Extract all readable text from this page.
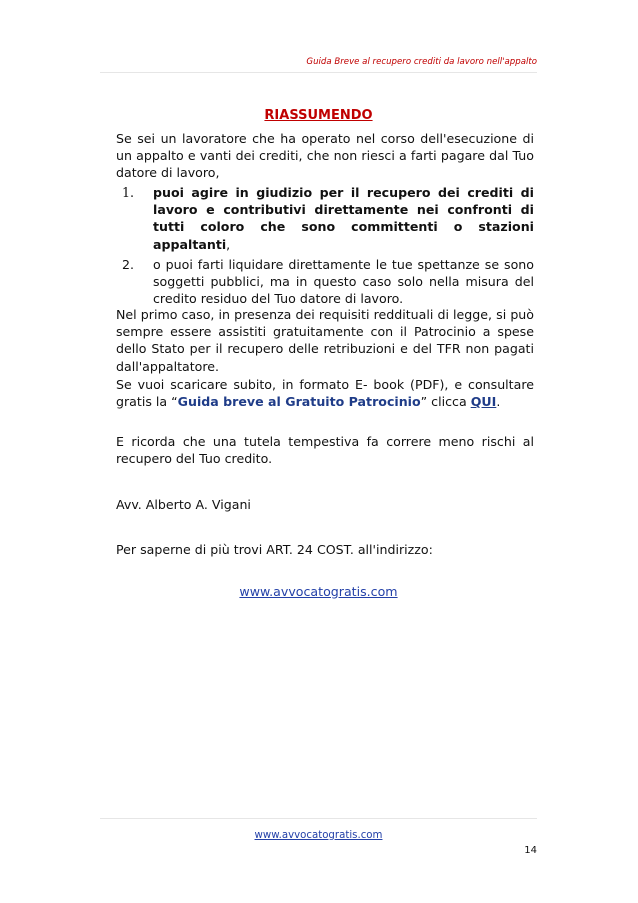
Guida Breve al recupero crediti da lavoro nell'appalto
RIASSUMENDO
Se sei un lavoratore che ha operato nel corso dell'esecuzione di un appalto e vanti dei crediti, che non riesci a farti pagare dal Tuo datore di lavoro,
1. puoi agire in giudizio per il recupero dei crediti di lavoro e contributivi direttamente nei confronti di tutti coloro che sono committenti o stazioni appaltanti,
2. o puoi farti liquidare direttamente le tue spettanze se sono soggetti pubblici, ma in questo caso solo nella misura del credito residuo del Tuo datore di lavoro.
Nel primo caso, in presenza dei requisiti reddituali di legge, si può sempre essere assistiti gratuitamente con il Patrocinio a spese dello Stato per il recupero delle retribuzioni e del TFR non pagati dall'appaltatore.
Se vuoi scaricare subito, in formato E- book (PDF), e consultare gratis la “Guida breve al Gratuito Patrocinio” clicca QUI.
E ricorda che una tutela tempestiva fa correre meno rischi al recupero del Tuo credito.
Avv. Alberto A. Vigani
Per saperne di più trovi ART. 24 COST. all'indirizzo:
www.avvocatogratis.com
www.avvocatogratis.com
14
